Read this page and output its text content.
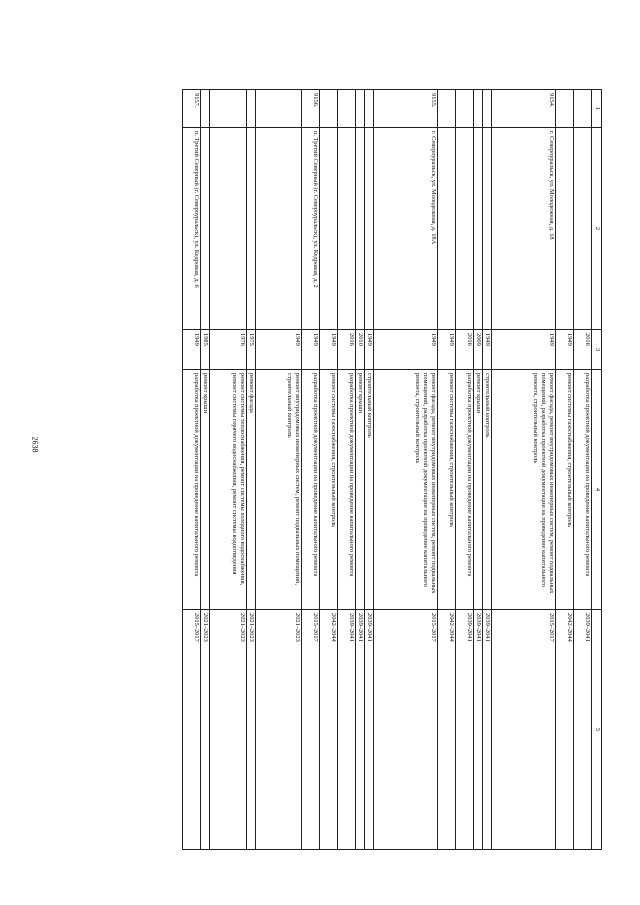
2638
1	2	3	4	5
		2016	разработка проектной документации на проведение капитального ремонта	2039–2041
		1949	ремонт системы газоснабжения, строительный контроль	2042–2044
9154.	г. Североуральск, ул. Молодежная, д. 18	1949	ремонт фасада, ремонт внутридомовых инженерных систем, ремонт подвальных помещений, разработка проектной документации на проведение капитального ремонта, строительный контроль	2015–2017
		1949	строительный контроль	2039–2041
		2009	ремонт крыши	2039–2041
		2016	разработка проектной документации на проведение капитального ремонта	2039–2041
		1949	ремонт системы газоснабжения, строительный контроль	2042–2044
9155.	г. Североуральск, ул. Молодежная, д. 18А	1949	ремонт фасада, ремонт внутридомовых инженерных систем, ремонт подвальных помещений, разработка проектной документации на проведение капитального ремонта, строительный контроль	2015–2017
		1949	строительный контроль	2039–2041
		2010	ремонт крыши	2039–2041
		2016	разработка проектной документации на проведение капитального ремонта	2039–2041
		1949	ремонт системы газоснабжения, строительный контроль	2042–2044
9156.	п. Третий Северный (г. Североуральск), ул. Кедровая, д. 2	1949	разработка проектной документации на проведение капитального ремонта	2015–2017
		1949	ремонт внутридомовых инженерных систем, ремонт подвальных помещений, строительный контроль	2021–2023
		1975	ремонт фасада	2021–2023
		1976	ремонт системы теплоснабжения, ремонт системы холодного водоснабжения, ремонт системы горячего водоснабжения, ремонт системы водоотведения	2021–2023
		1985	ремонт крыши	2021–2023
9157.	п. Третий Северный (г. Североуральск), ул. Кедровая, д. 6	1949	разработка проектной документации на проведение капитального ремонта	2015–2017
